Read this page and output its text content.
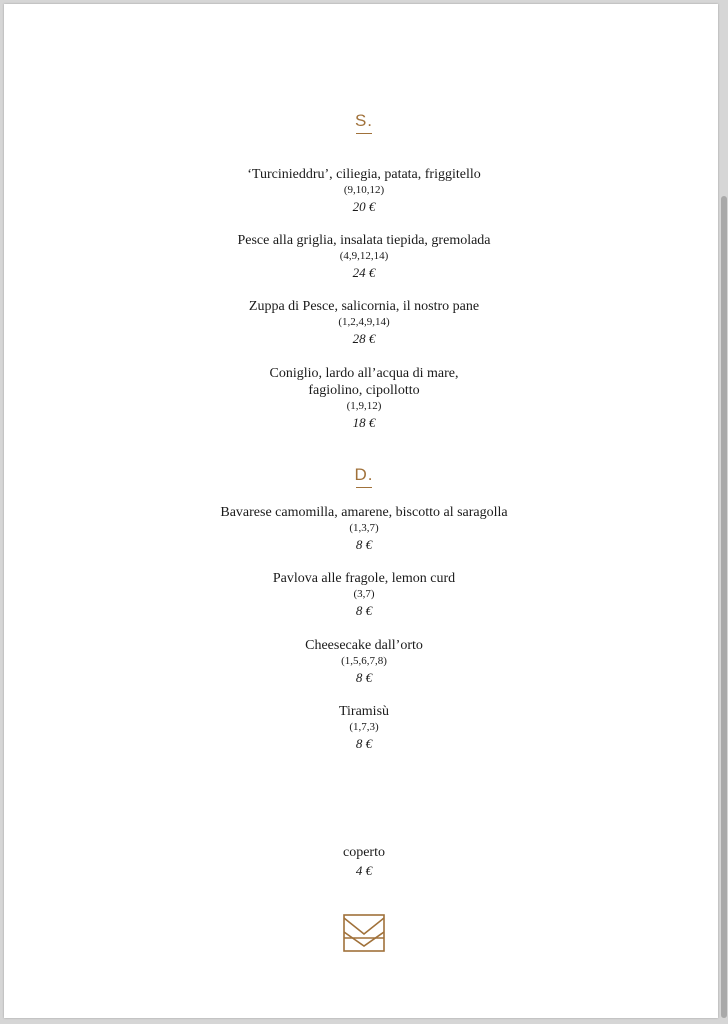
S.
‘Turcinieddru’, ciliegia, patata, friggitello
(9,10,12)
20 €
Pesce alla griglia, insalata tiepida, gremolada
(4,9,12,14)
24 €
Zuppa di Pesce, salicornia, il nostro pane
(1,2,4,9,14)
28 €
Coniglio, lardo all’acqua di mare,
fagiolino, cipollotto
(1,9,12)
18 €
D.
Bavarese camomilla, amarene, biscotto al saragolla
(1,3,7)
8 €
Pavlova alle fragole, lemon curd
(3,7)
8 €
Cheesecake dall’orto
(1,5,6,7,8)
8 €
Tiramisù
(1,7,3)
8 €
coperto
4 €
